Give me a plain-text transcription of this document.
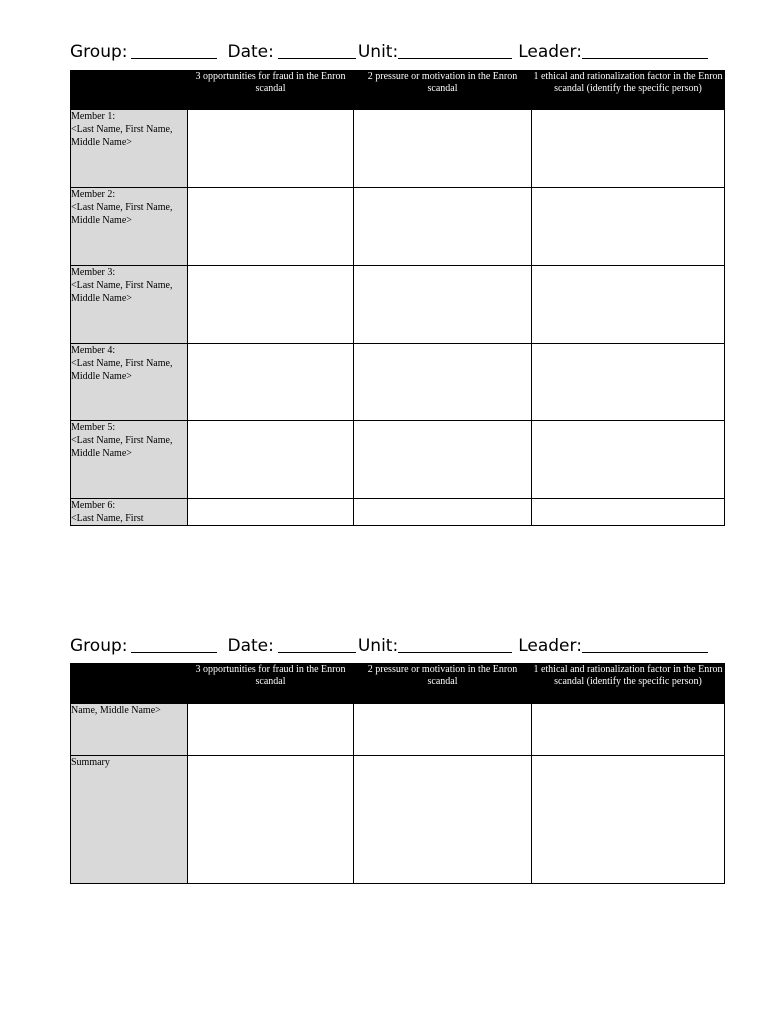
Group:	Date:	Unit:	Leader:
	3 opportunities for fraud in the Enron scandal	2 pressure or motivation in the Enron scandal	1 ethical and rationalization factor in the Enron scandal (identify the specific person)

Member 1:
<Last Name, First Name, Middle Name>			

Member 2:
<Last Name, First Name, Middle Name>			

Member 3:
<Last Name, First Name, Middle Name>			

Member 4:
<Last Name, First Name, Middle Name>			

Member 5:
<Last Name, First Name, Middle Name>			

Member 6:
<Last Name, First			

Group:	Date:	Unit:	Leader:
	3 opportunities for fraud in the Enron scandal	2 pressure or motivation in the Enron scandal	1 ethical and rationalization factor in the Enron scandal (identify the specific person)

Name, Middle Name>			

Summary			
